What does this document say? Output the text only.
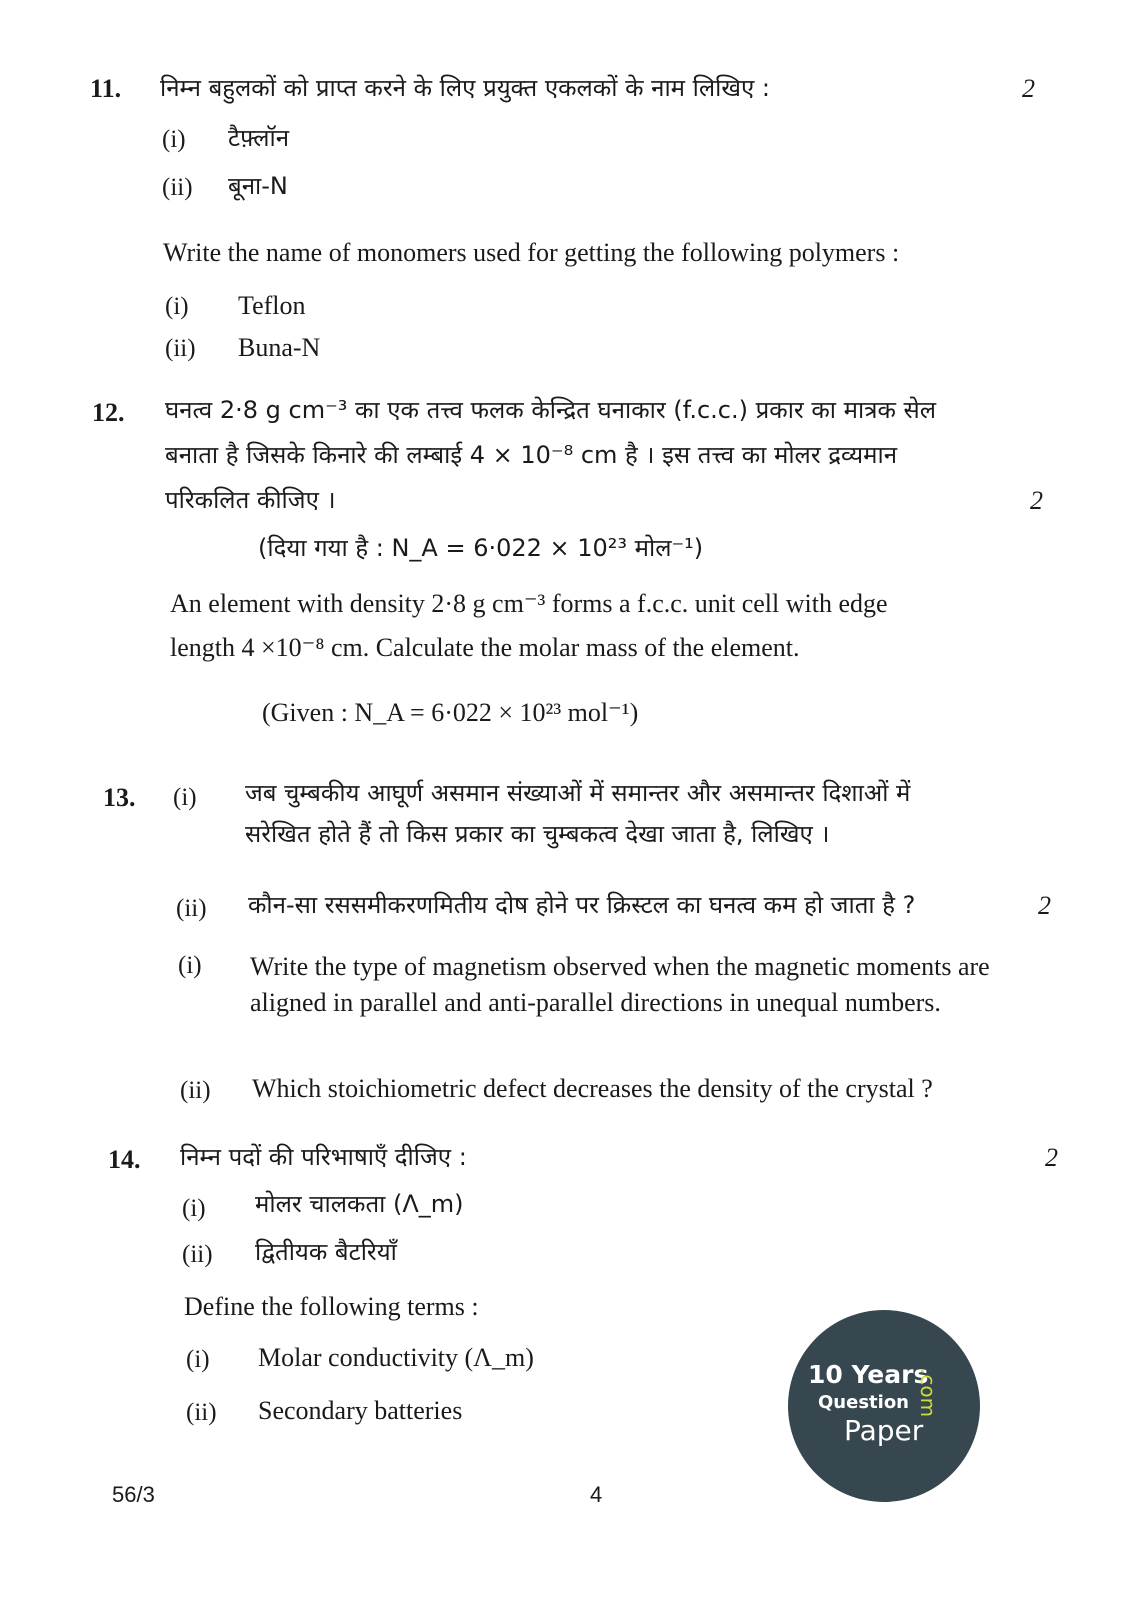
11. निम्न बहुलकों को प्राप्त करने के लिए प्रयुक्त एकलकों के नाम लिखिए :	2
(i) टैफ़्लॉन
(ii) बूना-N
Write the name of monomers used for getting the following polymers :
(i) Teflon
(ii) Buna-N
12. घनत्व 2·8 g cm⁻³ का एक तत्त्व फलक केन्द्रित घनाकार (f.c.c.) प्रकार का मात्रक सेल
बनाता है जिसके किनारे की लम्बाई 4 × 10⁻⁸ cm है । इस तत्त्व का मोलर द्रव्यमान
परिकलित कीजिए ।	2
(दिया गया है : N_A = 6·022 × 10²³ मोल⁻¹)
An element with density 2·8 g cm⁻³ forms a f.c.c. unit cell with edge
length 4 ×10⁻⁸ cm. Calculate the molar mass of the element.
(Given : N_A = 6·022 × 10²³ mol⁻¹)
13. (i) जब चुम्बकीय आघूर्ण असमान संख्याओं में समान्तर और असमान्तर दिशाओं में
सरेखित होते हैं तो किस प्रकार का चुम्बकत्व देखा जाता है, लिखिए ।
(ii) कौन-सा रससमीकरणमितीय दोष होने पर क्रिस्टल का घनत्व कम हो जाता है ?	2
(i) Write the type of magnetism observed when the magnetic moments are aligned in parallel and anti-parallel directions in unequal numbers.
(ii) Which stoichiometric defect decreases the density of the crystal ?
14. निम्न पदों की परिभाषाएँ दीजिए :	2
(i) मोलर चालकता (Λ_m)
(ii) द्वितीयक बैटरियाँ
Define the following terms :
(i) Molar conductivity (Λ_m)
(ii) Secondary batteries
56/3	4
10 Years
Question
Paper
.com
